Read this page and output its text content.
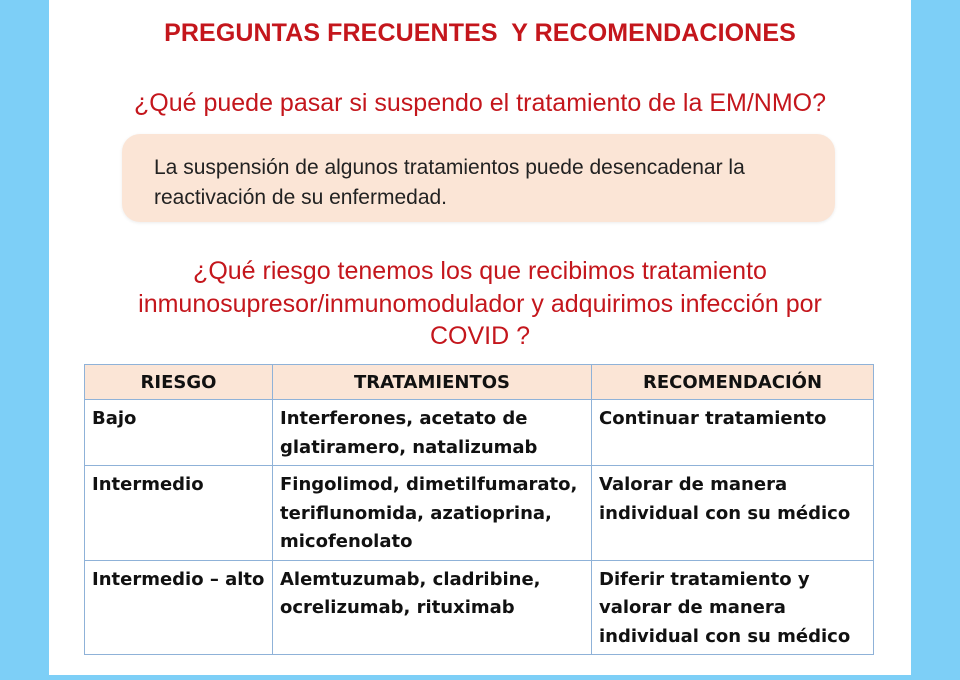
PREGUNTAS FRECUENTES  Y RECOMENDACIONES
¿Qué puede pasar si suspendo el tratamiento de la EM/NMO?

La suspensión de algunos tratamientos puede desencadenar la reactivación de su enfermedad.

¿Qué riesgo tenemos los que recibimos tratamiento inmunosupresor/inmunomodulador y adquirimos infección por COVID ?
RIESGO	TRATAMIENTOS	RECOMENDACIÓN
Bajo	Interferones, acetato de glatiramero, natalizumab	Continuar tratamiento
Intermedio	Fingolimod, dimetilfumarato, teriflunomida, azatioprina, micofenolato	Valorar de manera individual con su médico
Intermedio – alto	Alemtuzumab, cladribine, ocrelizumab, rituximab	Diferir tratamiento y valorar de manera individual con su médico
